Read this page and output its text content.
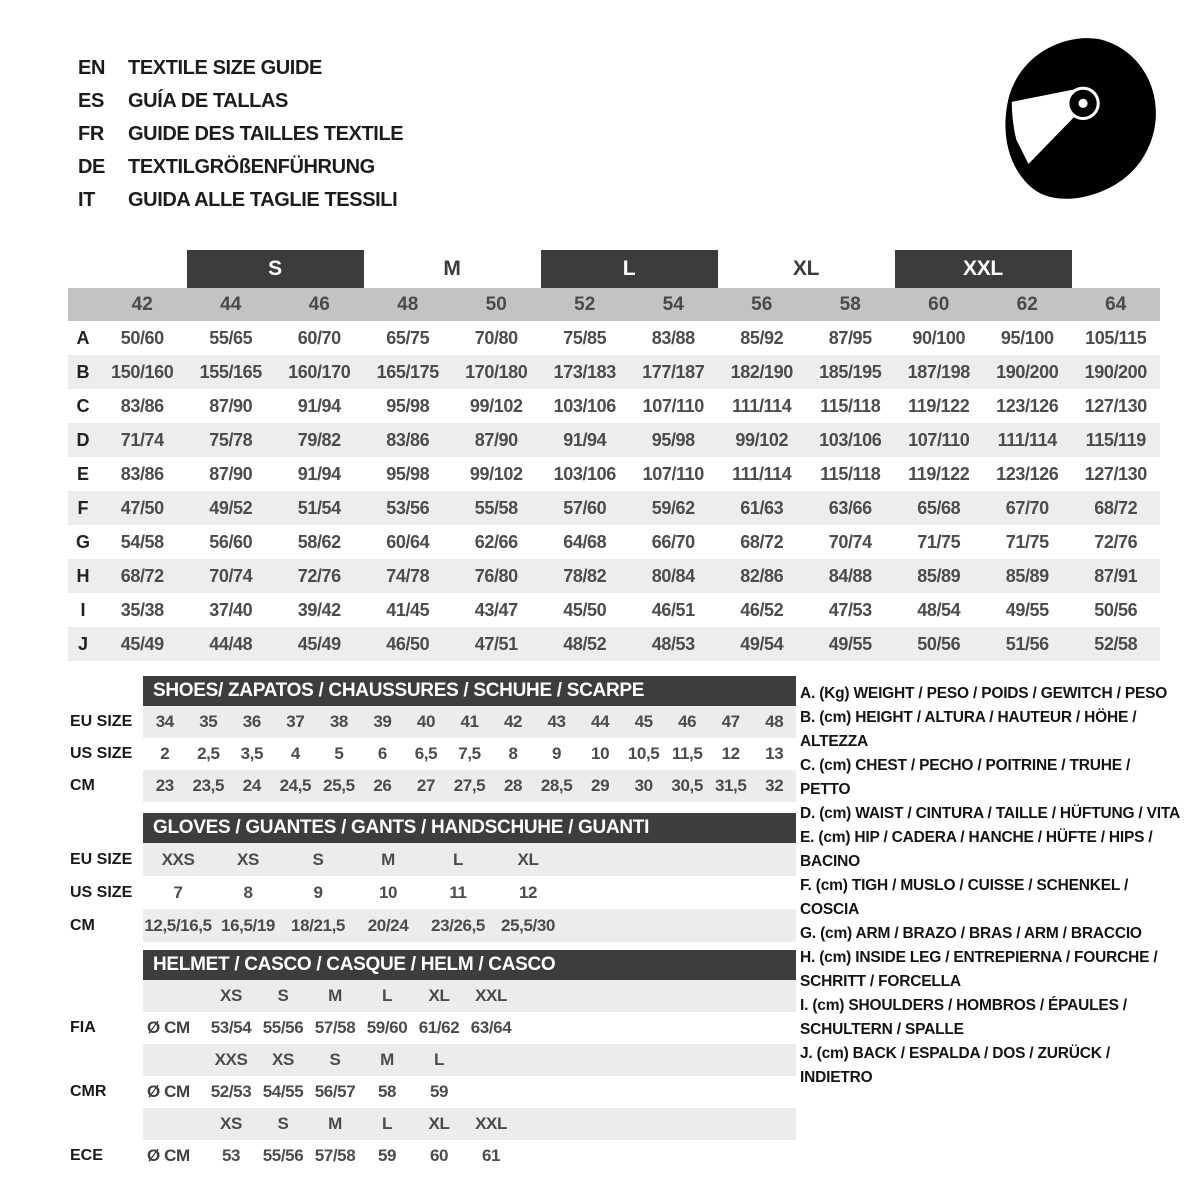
EN	TEXTILE SIZE GUIDE
ES	GUÍA DE TALLAS
FR	GUIDE DES TAILLES TEXTILE
DE	TEXTILGRÖßENFÜHRUNG
IT	GUIDA ALLE TAGLIE TESSILI
S	M	L	XL	XXL
42	44	46	48	50	52	54	56	58	60	62	64
A	50/60	55/65	60/70	65/75	70/80	75/85	83/88	85/92	87/95	90/100	95/100	105/115
B	150/160	155/165	160/170	165/175	170/180	173/183	177/187	182/190	185/195	187/198	190/200	190/200
C	83/86	87/90	91/94	95/98	99/102	103/106	107/110	111/114	115/118	119/122	123/126	127/130
D	71/74	75/78	79/82	83/86	87/90	91/94	95/98	99/102	103/106	107/110	111/114	115/119
E	83/86	87/90	91/94	95/98	99/102	103/106	107/110	111/114	115/118	119/122	123/126	127/130
F	47/50	49/52	51/54	53/56	55/58	57/60	59/62	61/63	63/66	65/68	67/70	68/72
G	54/58	56/60	58/62	60/64	62/66	64/68	66/70	68/72	70/74	71/75	71/75	72/76
H	68/72	70/74	72/76	74/78	76/80	78/82	80/84	82/86	84/88	85/89	85/89	87/91
I	35/38	37/40	39/42	41/45	43/47	45/50	46/51	46/52	47/53	48/54	49/55	50/56
J	45/49	44/48	45/49	46/50	47/51	48/52	48/53	49/54	49/55	50/56	51/56	52/58
SHOES/ ZAPATOS / CHAUSSURES / SCHUHE / SCARPE
EU SIZE	34	35	36	37	38	39	40	41	42	43	44	45	46	47	48
US SIZE	2	2,5	3,5	4	5	6	6,5	7,5	8	9	10	10,5 11,5	12	13
CM	23	23,5	24	24,5 25,5	26	27	27,5	28	28,5	29	30	30,5 31,5	32
GLOVES / GUANTES / GANTS / HANDSCHUHE / GUANTI
EU SIZE	XXS	XS	S	M	L	XL
US SIZE	7	8	9	10	11	12
CM	12,5/16,5 16,5/19 18/21,5	20/24	23/26,5 25,5/30
HELMET / CASCO / CASQUE / HELM / CASCO
XS	S	M	L	XL	XXL
FIA	Ø CM	53/54 55/56 57/58 59/60 61/62 63/64
XXS	XS	S	M	L
CMR	Ø CM	52/53 54/55 56/57	58	59
XS	S	M	L	XL	XXL
ECE	Ø CM	53	55/56 57/58	59	60	61
A. (Kg) WEIGHT / PESO / POIDS / GEWITCH / PESO
B. (cm) HEIGHT / ALTURA / HAUTEUR / HÖHE / ALTEZZA
C. (cm) CHEST / PECHO / POITRINE / TRUHE / PETTO
D. (cm) WAIST / CINTURA / TAILLE / HÜFTUNG / VITA
E. (cm) HIP / CADERA / HANCHE / HÜFTE / HIPS / BACINO
F. (cm) TIGH / MUSLO / CUISSE / SCHENKEL / COSCIA
G. (cm) ARM / BRAZO / BRAS / ARM / BRACCIO
H. (cm) INSIDE LEG / ENTREPIERNA / FOURCHE / SCHRITT / FORCELLA
I. (cm) SHOULDERS / HOMBROS / ÉPAULES / SCHULTERN / SPALLE
J. (cm) BACK / ESPALDA / DOS / ZURÜCK / INDIETRO
